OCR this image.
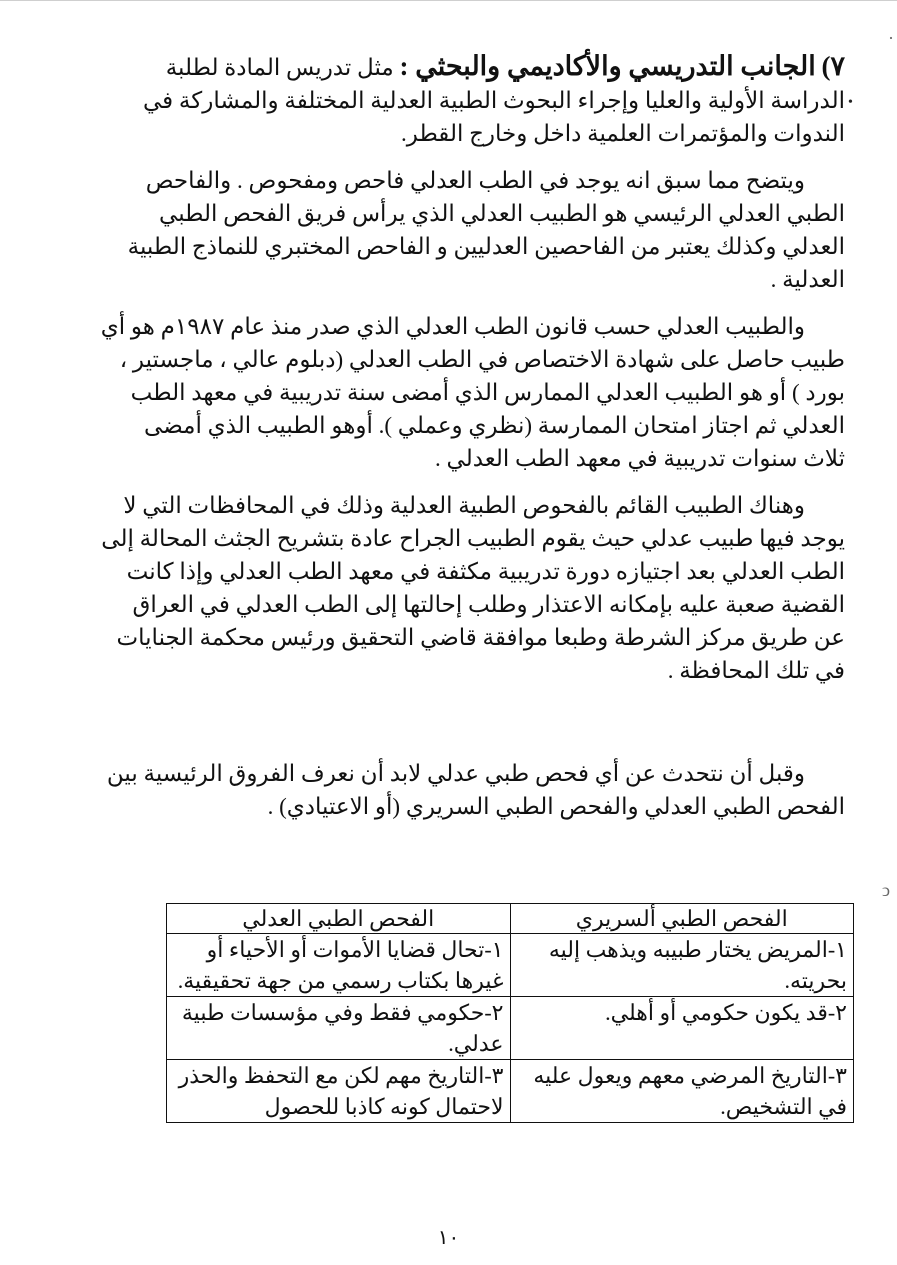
·
ↄ
•

٧) الجانب التدريسي والأكاديمي والبحثي : مثل تدريس المادة لطلبة الدراسة الأولية والعليا وإجراء البحوث الطبية العدلية المختلفة والمشاركة في الندوات والمؤتمرات العلمية داخل وخارج القطر.

ويتضح مما سبق انه يوجد في الطب العدلي فاحص ومفحوص . والفاحص الطبي العدلي الرئيسي هو الطبيب العدلي الذي يرأس فريق الفحص الطبي العدلي وكذلك يعتبر من الفاحصين العدليين و الفاحص المختبري للنماذج الطبية العدلية .

والطبيب العدلي حسب قانون الطب العدلي الذي صدر منذ عام ١٩٨٧م هو أي طبيب حاصل على شهادة الاختصاص في الطب العدلي (دبلوم عالي ، ماجستير ، بورد ) أو هو الطبيب العدلي الممارس الذي أمضى سنة تدريبية في معهد الطب العدلي ثم اجتاز امتحان الممارسة (نظري وعملي ). أوهو الطبيب الذي أمضى ثلاث سنوات تدريبية في معهد الطب العدلي .

وهناك الطبيب القائم بالفحوص الطبية العدلية وذلك في المحافظات التي لا يوجد فيها طبيب عدلي حيث يقوم الطبيب الجراح عادة بتشريح الجثث المحالة إلى الطب العدلي بعد اجتيازه دورة تدريبية مكثفة في معهد الطب العدلي وإذا كانت القضية صعبة عليه بإمكانه الاعتذار وطلب إحالتها إلى الطب العدلي في العراق عن طريق مركز الشرطة وطبعا موافقة قاضي التحقيق ورئيس محكمة الجنايات في تلك المحافظة .

وقبل أن نتحدث عن أي فحص طبي عدلي لابد أن نعرف الفروق الرئيسية بين الفحص الطبي العدلي والفحص الطبي السريري (أو الاعتيادي) .

الفحص الطبي ألسريري	الفحص الطبي العدلي
١-المريض يختار طبيبه ويذهب إليه بحريته.	١-تحال قضايا الأموات أو الأحياء أو غيرها بكتاب رسمي من جهة تحقيقية.
٢-قد يكون حكومي أو أهلي.	٢-حكومي فقط وفي مؤسسات طبية عدلي.
٣-التاريخ المرضي معهم ويعول عليه في التشخيص.	٣-التاريخ مهم لكن مع التحفظ والحذر لاحتمال كونه كاذبا للحصول
١٠
